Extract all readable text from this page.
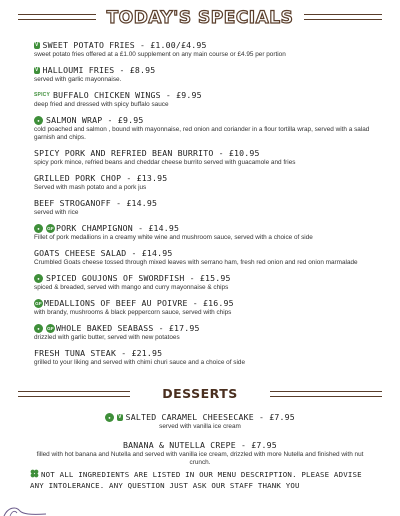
TODAY'S SPECIALS
V SWEET POTATO FRIES - £1.00/£4.95
sweet potato fries offered at a £1.00 supplement on any main course or £4.95 per portion
V HALLOUMI FRIES - £8.95
served with garlic mayonnaise.
SPICY BUFFALO CHICKEN WINGS - £9.95
deep fried and dressed with spicy buffalo sauce
● SALMON WRAP - £9.95
cold poached and salmon , bound with mayonnaise, red onion and coriander in a flour tortilla wrap, served with a salad garnish and chips.
SPICY PORK AND REFRIED BEAN BURRITO - £10.95
spicy pork mince, refried beans and cheddar cheese burrito served with guacamole and fries
GRILLED PORK CHOP - £13.95
Served with mash potato and a pork jus
BEEF STROGANOFF - £14.95
served with rice
●	GF PORK CHAMPIGNON - £14.95
Fillet of pork medallions in a creamy white wine and mushroom sauce, served with a choice of side
GOATS CHEESE SALAD - £14.95
Crumbled Goats cheese tossed through mixed leaves with serrano ham, fresh red onion and red onion marmalade
● SPICED GOUJONS OF SWORDFISH - £15.95
spiced & breaded, served with mango and curry mayonnaise & chips
GF MEDALLIONS OF BEEF AU POIVRE - £16.95
with brandy, mushrooms & black peppercorn sauce, served with chips
●	GF WHOLE BAKED SEABASS - £17.95
drizzled with garlic butter, served with new potatoes
FRESH TUNA STEAK - £21.95
grilled to your liking and served with chimi churi sauce and a choice of side
DESSERTS
●	V SALTED CARAMEL CHEESECAKE - £7.95
served with vanilla ice cream
BANANA & NUTELLA CREPE - £7.95
filled with hot banana and Nutella and served with vanilla ice cream, drizzled with more Nutella and finished with nut crunch.
NOT ALL INGREDIENTS ARE LISTED IN OUR MENU DESCRIPTION. PLEASE ADVISE ANY INTOLERANCE. ANY QUESTION JUST ASK OUR STAFF THANK YOU
